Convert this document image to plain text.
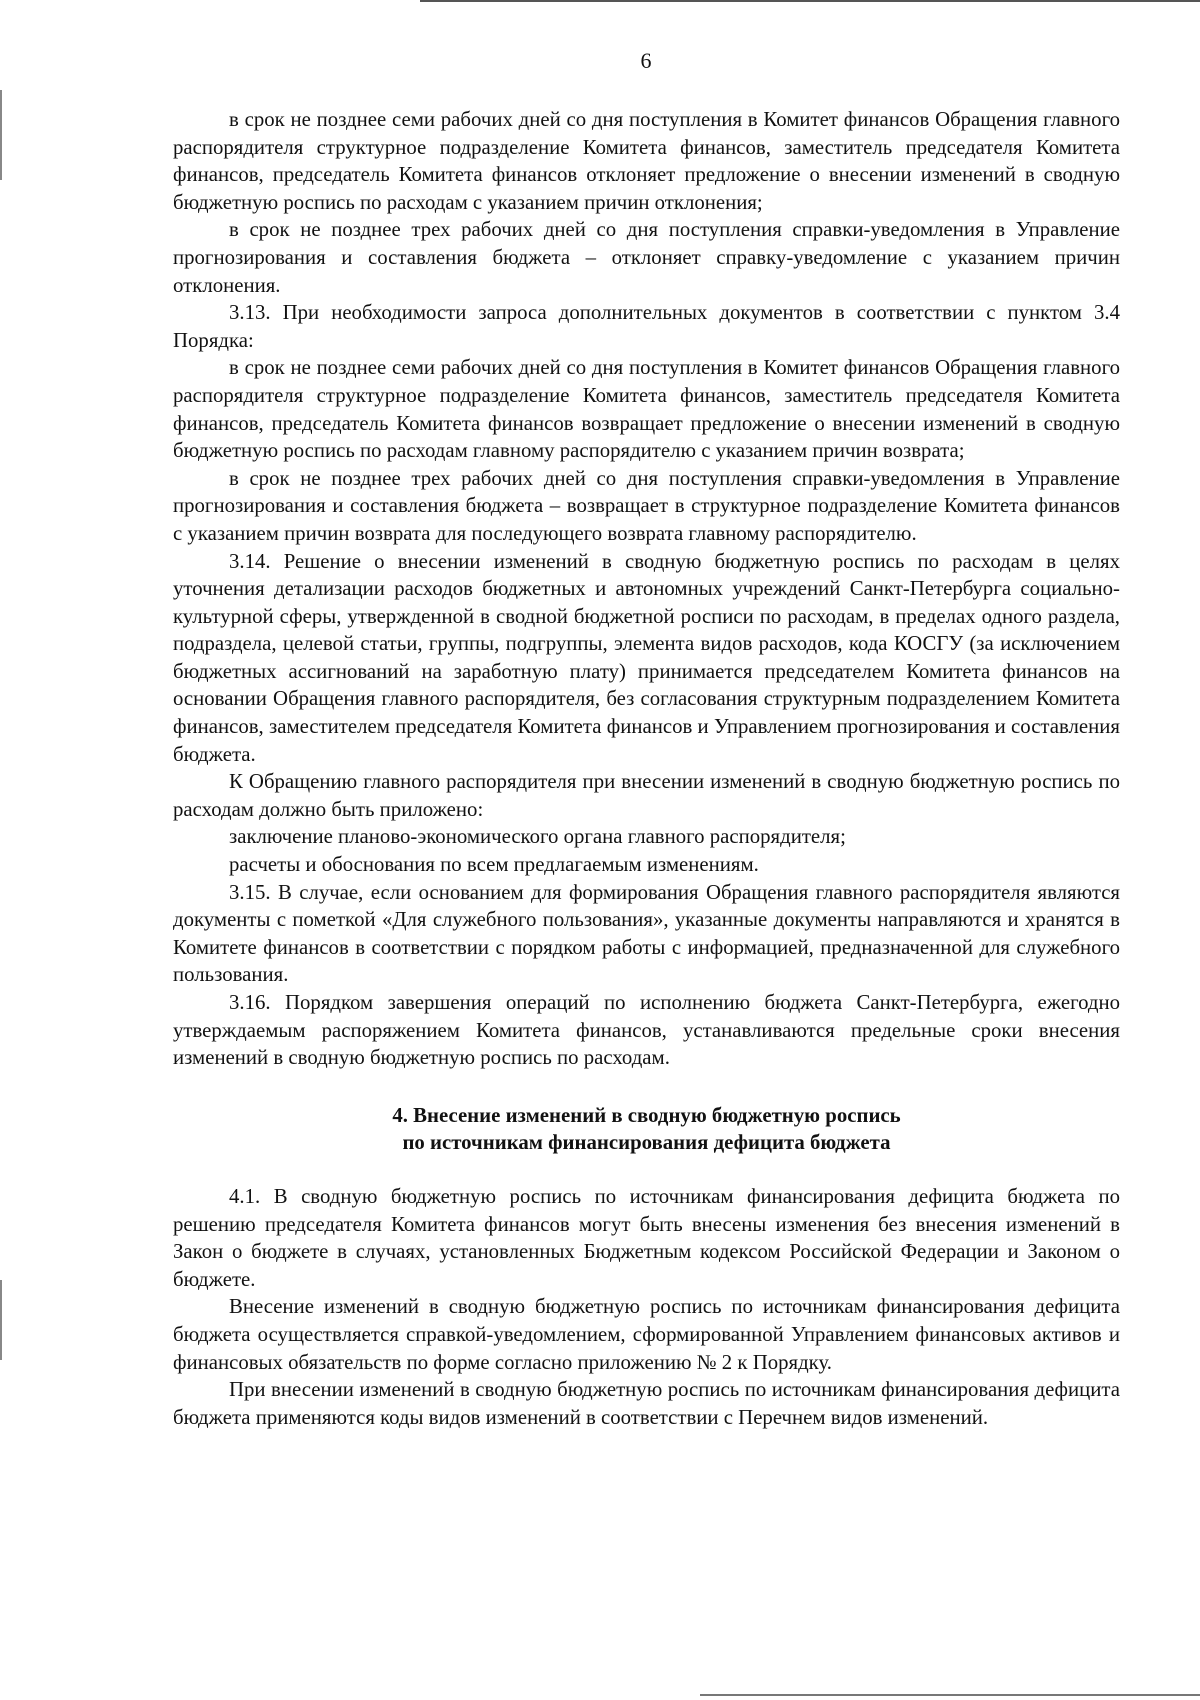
6

в срок не позднее семи рабочих дней со дня поступления в Комитет финансов Обращения главного распорядителя структурное подразделение Комитета финансов, заместитель председателя Комитета финансов, председатель Комитета финансов отклоняет предложение о внесении изменений в сводную бюджетную роспись по расходам с указанием причин отклонения;

в срок не позднее трех рабочих дней со дня поступления справки-уведомления в Управление прогнозирования и составления бюджета – отклоняет справку-уведомление с указанием причин отклонения.

3.13. При необходимости запроса дополнительных документов в соответствии с пунктом 3.4 Порядка:

в срок не позднее семи рабочих дней со дня поступления в Комитет финансов Обращения главного распорядителя структурное подразделение Комитета финансов, заместитель председателя Комитета финансов, председатель Комитета финансов возвращает предложение о внесении изменений в сводную бюджетную роспись по расходам главному распорядителю с указанием причин возврата;

в срок не позднее трех рабочих дней со дня поступления справки-уведомления в Управление прогнозирования и составления бюджета – возвращает в структурное подразделение Комитета финансов с указанием причин возврата для последующего возврата главному распорядителю.

3.14. Решение о внесении изменений в сводную бюджетную роспись по расходам в целях уточнения детализации расходов бюджетных и автономных учреждений Санкт-Петербурга социально-культурной сферы, утвержденной в сводной бюджетной росписи по расходам, в пределах одного раздела, подраздела, целевой статьи, группы, подгруппы, элемента видов расходов, кода КОСГУ (за исключением бюджетных ассигнований на заработную плату) принимается председателем Комитета финансов на основании Обращения главного распорядителя, без согласования структурным подразделением Комитета финансов, заместителем председателя Комитета финансов и Управлением прогнозирования и составления бюджета.

К Обращению главного распорядителя при внесении изменений в сводную бюджетную роспись по расходам должно быть приложено:

заключение планово-экономического органа главного распорядителя;

расчеты и обоснования по всем предлагаемым изменениям.

3.15. В случае, если основанием для формирования Обращения главного распорядителя являются документы с пометкой «Для служебного пользования», указанные документы направляются и хранятся в Комитете финансов в соответствии с порядком работы с информацией, предназначенной для служебного пользования.

3.16. Порядком завершения операций по исполнению бюджета Санкт-Петербурга, ежегодно утверждаемым распоряжением Комитета финансов, устанавливаются предельные сроки внесения изменений в сводную бюджетную роспись по расходам.

4. Внесение изменений в сводную бюджетную роспись
по источникам финансирования дефицита бюджета

4.1. В сводную бюджетную роспись по источникам финансирования дефицита бюджета по решению председателя Комитета финансов могут быть внесены изменения без внесения изменений в Закон о бюджете в случаях, установленных Бюджетным кодексом Российской Федерации и Законом о бюджете.

Внесение изменений в сводную бюджетную роспись по источникам финансирования дефицита бюджета осуществляется справкой-уведомлением, сформированной Управлением финансовых активов и финансовых обязательств по форме согласно приложению № 2 к Порядку.

При внесении изменений в сводную бюджетную роспись по источникам финансирования дефицита бюджета применяются коды видов изменений в соответствии с Перечнем видов изменений.
